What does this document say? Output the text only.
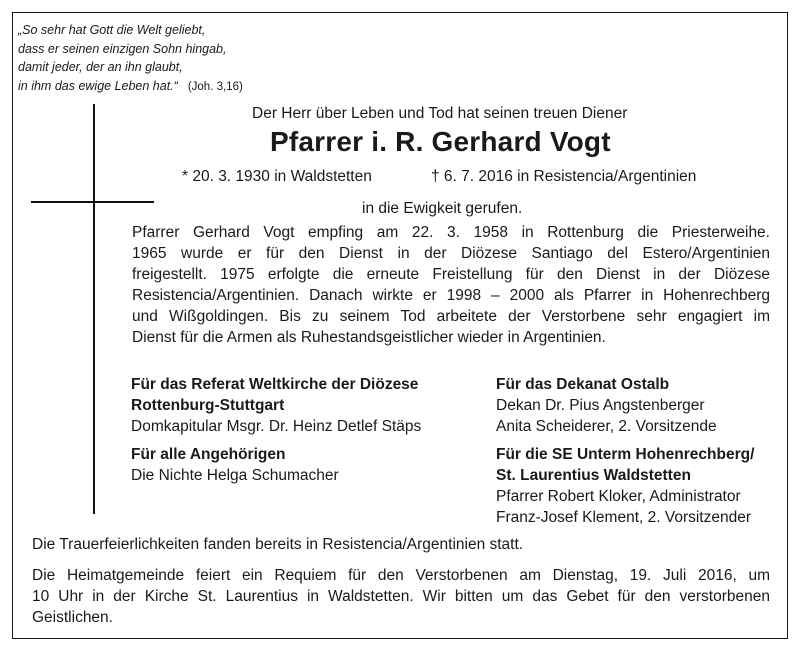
„So sehr hat Gott die Welt geliebt,
dass er seinen einzigen Sohn hingab,
damit jeder, der an ihn glaubt,
in ihm das ewige Leben hat.“ (Joh. 3,16)
Der Herr über Leben und Tod hat seinen treuen Diener
Pfarrer i. R. Gerhard Vogt
* 20. 3. 1930 in Waldstetten	† 6. 7. 2016 in Resistencia/Argentinien
in die Ewigkeit gerufen.
Pfarrer Gerhard Vogt empfing am 22. 3. 1958 in Rottenburg die Priesterweihe.
1965 wurde er für den Dienst in der Diözese Santiago del Estero/Argentinien
freigestellt. 1975 erfolgte die erneute Freistellung für den Dienst in der Diözese
Resistencia/Argentinien. Danach wirkte er 1998 – 2000 als Pfarrer in Hohenrechberg
und Wißgoldingen. Bis zu seinem Tod arbeitete der Verstorbene sehr engagiert im
Dienst für die Armen als Ruhestandsgeistlicher wieder in Argentinien.
Für das Referat Weltkirche der Diözese
Rottenburg-Stuttgart
Domkapitular Msgr. Dr. Heinz Detlef Stäps
Für alle Angehörigen
Die Nichte Helga Schumacher
Für das Dekanat Ostalb
Dekan Dr. Pius Angstenberger
Anita Scheiderer, 2. Vorsitzende
Für die SE Unterm Hohenrechberg/
St. Laurentius Waldstetten
Pfarrer Robert Kloker, Administrator
Franz-Josef Klement, 2. Vorsitzender
Die Trauerfeierlichkeiten fanden bereits in Resistencia/Argentinien statt.
Die Heimatgemeinde feiert ein Requiem für den Verstorbenen am Dienstag, 19. Juli 2016, um
10 Uhr in der Kirche St. Laurentius in Waldstetten. Wir bitten um das Gebet für den verstorbenen
Geistlichen.
